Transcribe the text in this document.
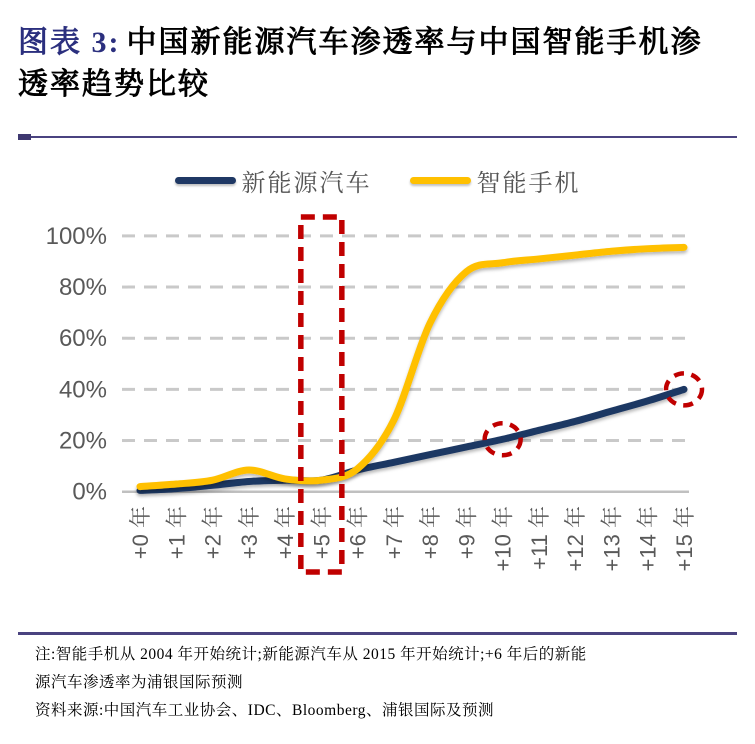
图表 3: 中国新能源汽车渗透率与中国智能手机渗透率趋势比较
0%
20%
40%
60%
80%
100%
+0 年 +1 年 +2 年 +3 年 +4 年 +5 年 +6 年 +7 年 +8 年 +9 年 +10 年 +11 年 +12 年 +13 年 +14 年 +15 年
新能源汽车	智能手机
注:智能手机从 2004 年开始统计;新能源汽车从 2015 年开始统计;+6 年后的新能
源汽车渗透率为浦银国际预测
资料来源:中国汽车工业协会、IDC、Bloomberg、浦银国际及预测
